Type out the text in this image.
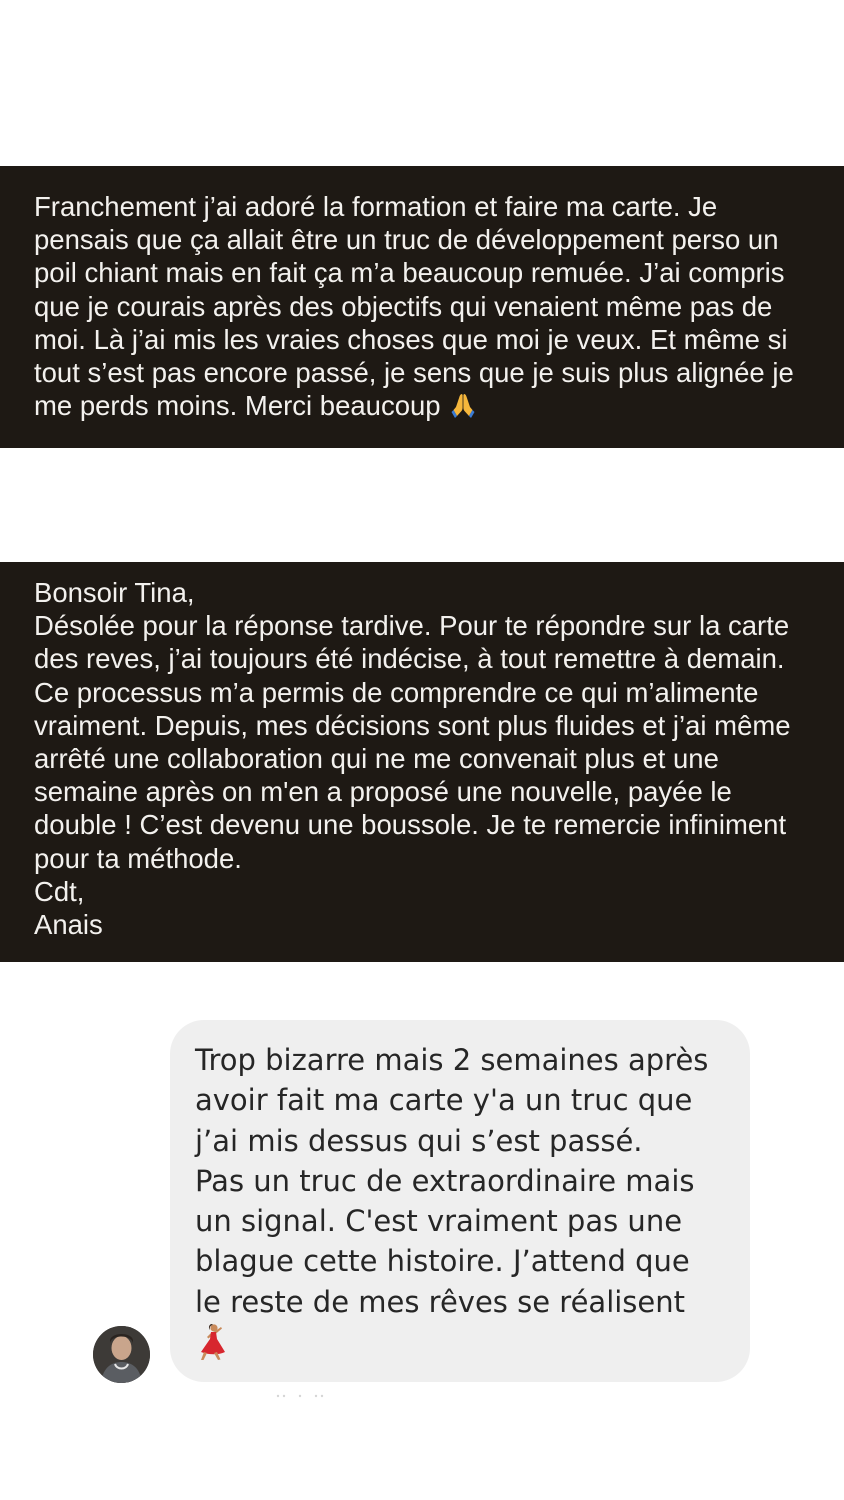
Franchement j’ai adoré la formation et faire ma carte. Je
pensais que ça allait être un truc de développement perso un
poil chiant mais en fait ça m’a beaucoup remuée. J’ai compris
que je courais après des objectifs qui venaient même pas de
moi. Là j’ai mis les vraies choses que moi je veux. Et même si
tout s’est pas encore passé, je sens que je suis plus alignée je
me perds moins. Merci beaucoup
Bonsoir Tina,
Désolée pour la réponse tardive. Pour te répondre sur la carte
des reves, j’ai toujours été indécise, à tout remettre à demain.
Ce processus m’a permis de comprendre ce qui m’alimente
vraiment. Depuis, mes décisions sont plus fluides et j’ai même
arrêté une collaboration qui ne me convenait plus et une
semaine après on m'en a proposé une nouvelle, payée le
double ! C’est devenu une boussole. Je te remercie infiniment
pour ta méthode.
Cdt,
Anais
Trop bizarre mais 2 semaines après
avoir fait ma carte y'a un truc que
j’ai mis dessus qui s’est passé.
Pas un truc de extraordinaire mais
un signal. C'est vraiment pas une
blague cette histoire. J’attend que
le reste de mes rêves se réalisent
